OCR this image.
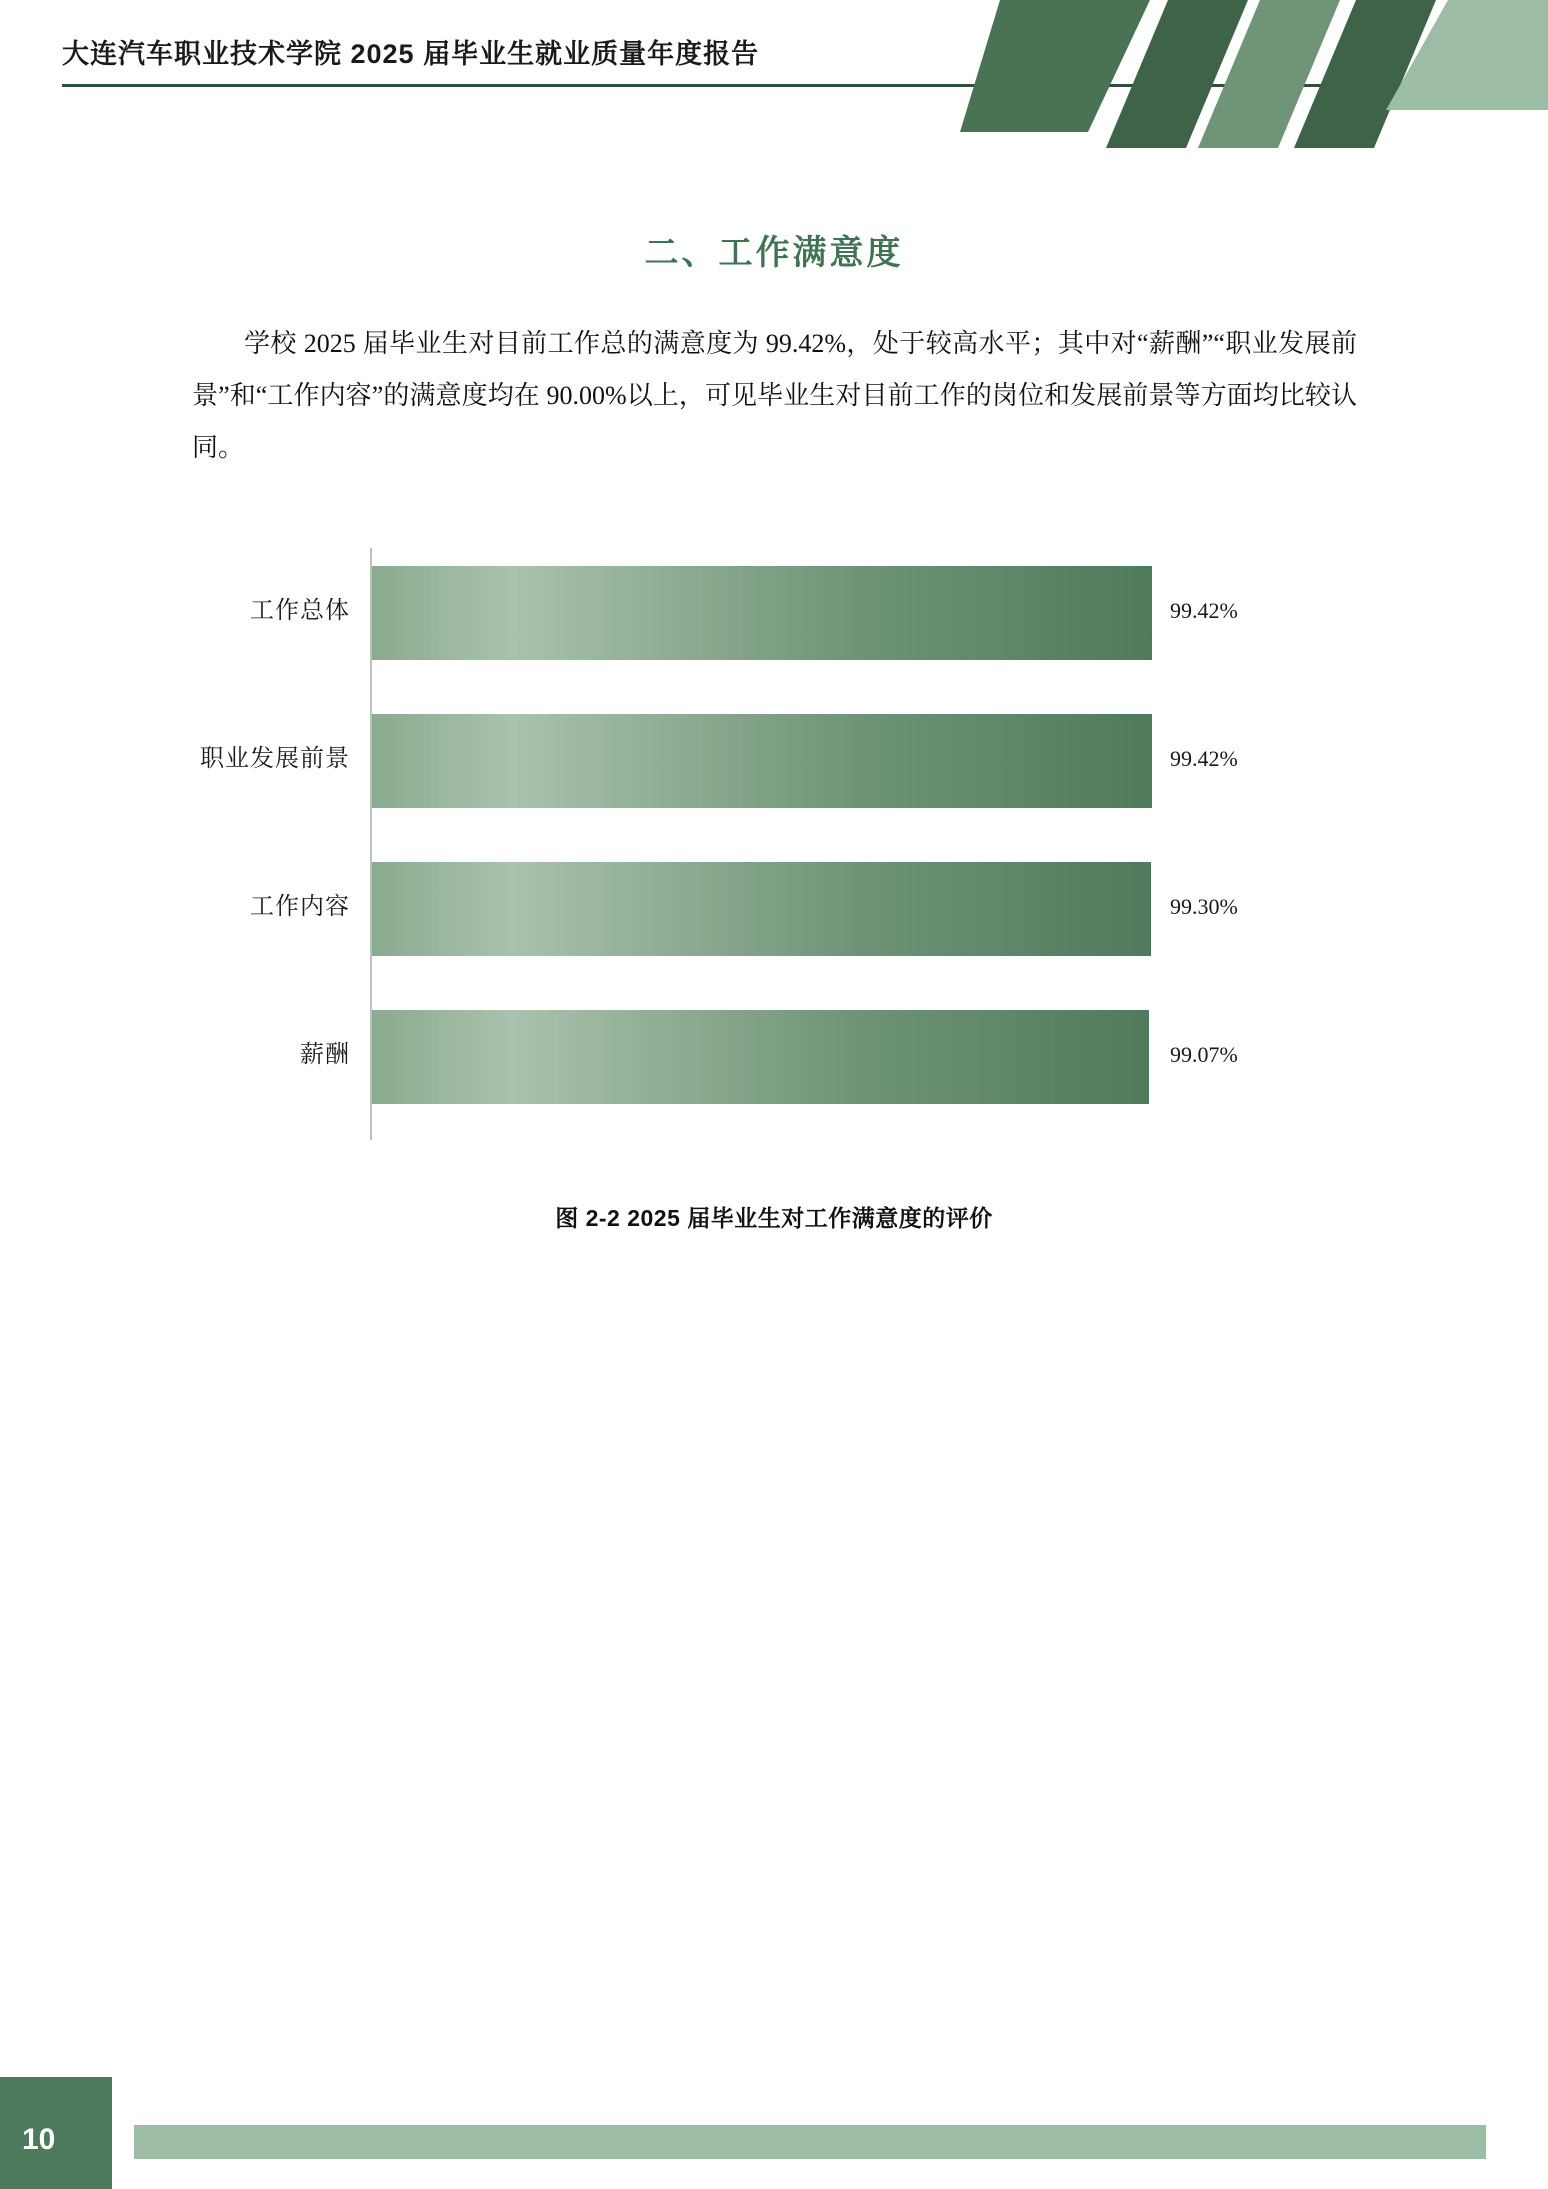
大连汽车职业技术学院 2025 届毕业生就业质量年度报告
二、工作满意度
学校 2025 届毕业生对目前工作总的满意度为 99.42%，处于较高水平；其中对“薪酬”“职业发展前景”和“工作内容”的满意度均在 90.00%以上，可见毕业生对目前工作的岗位和发展前景等方面均比较认同。
工作总体	99.42%
职业发展前景	99.42%
工作内容	99.30%
薪酬	99.07%
图 2-2 2025 届毕业生对工作满意度的评价
10
